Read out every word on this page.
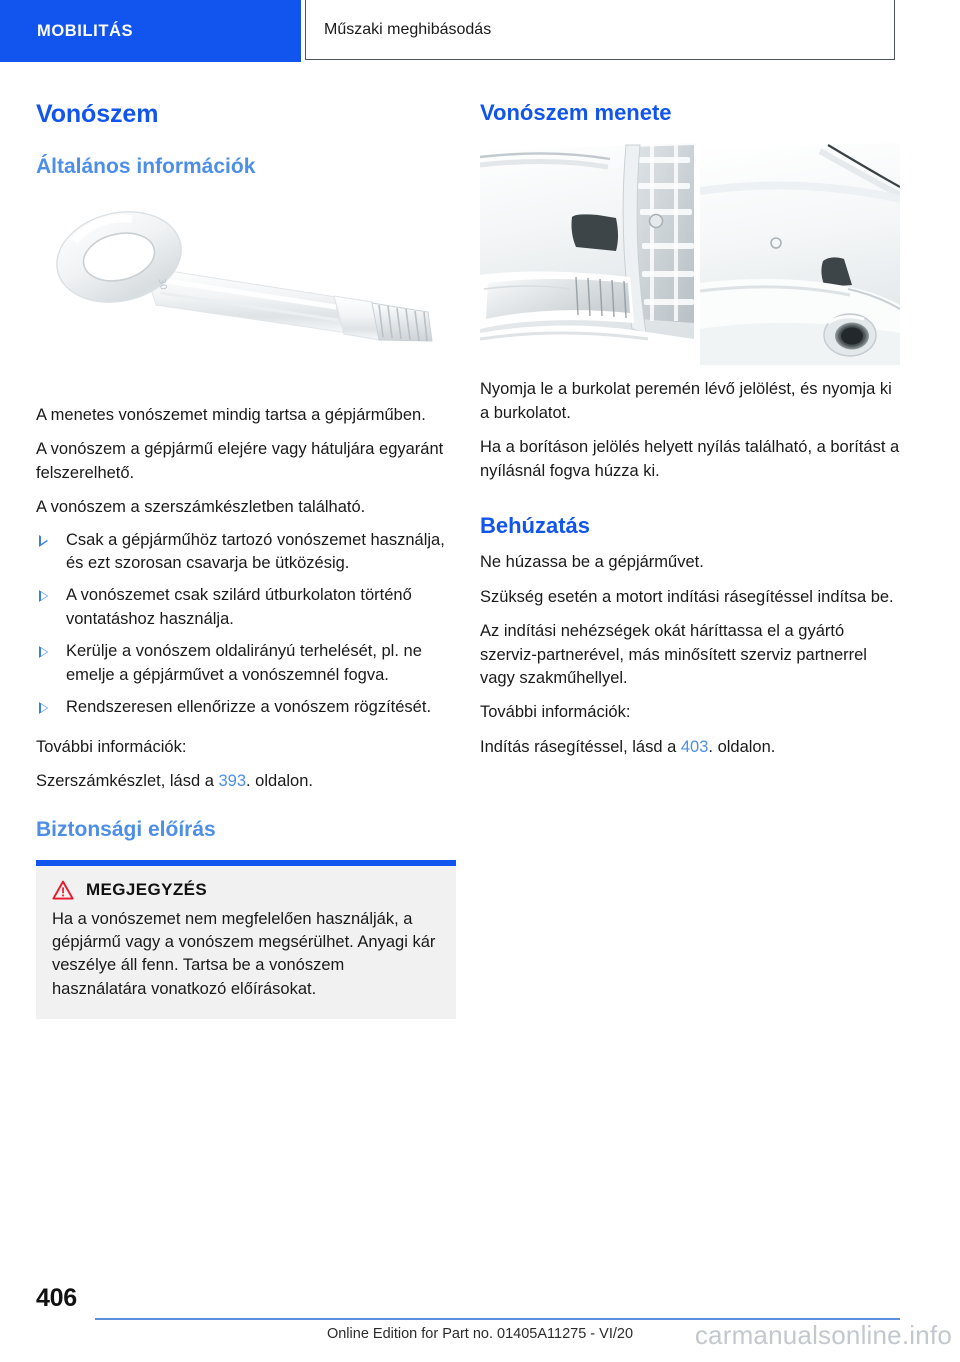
MOBILITÁS	Műszaki meghibásodás
Vonószem
Általános információk
30

A menetes vonószemet mindig tartsa a gépjárműben.

A vonószem a gépjármű elejére vagy hátuljára egyaránt felszerelhető.

A vonószem a szerszámkészletben található.

Csak a gépjárműhöz tartozó vonószemet használja, és ezt szorosan csavarja be ütközésig.
A vonószemet csak szilárd útburkolaton történő vontatáshoz használja.
Kerülje a vonószem oldalirányú terhelését, pl. ne emelje a gépjárművet a vonószemnél fogva.
Rendszeresen ellenőrizze a vonószem rögzítését.

További információk:

Szerszámkészlet, lásd a 393. oldalon.

Biztonsági előírás
MEGJEGYZÉS

Ha a vonószemet nem megfelelően használják, a gépjármű vagy a vonószem megsérülhet. Anyagi kár veszélye áll fenn. Tartsa be a vonószem használatára vonatkozó előírásokat.

Vonószem menete

Nyomja le a burkolat peremén lévő jelölést, és nyomja ki a burkolatot.

Ha a borításon jelölés helyett nyílás található, a borítást a nyílásnál fogva húzza ki.

Behúzatás

Ne húzassa be a gépjárművet.

Szükség esetén a motort indítási rásegítéssel indítsa be.

Az indítási nehézségek okát háríttassa el a gyártó szerviz-partnerével, más minősített szerviz partnerrel vagy szakműhellyel.

További információk:

Indítás rásegítéssel, lásd a 403. oldalon.

406
Online Edition for Part no. 01405A11275 - VI/20	carmanualsonline.info
